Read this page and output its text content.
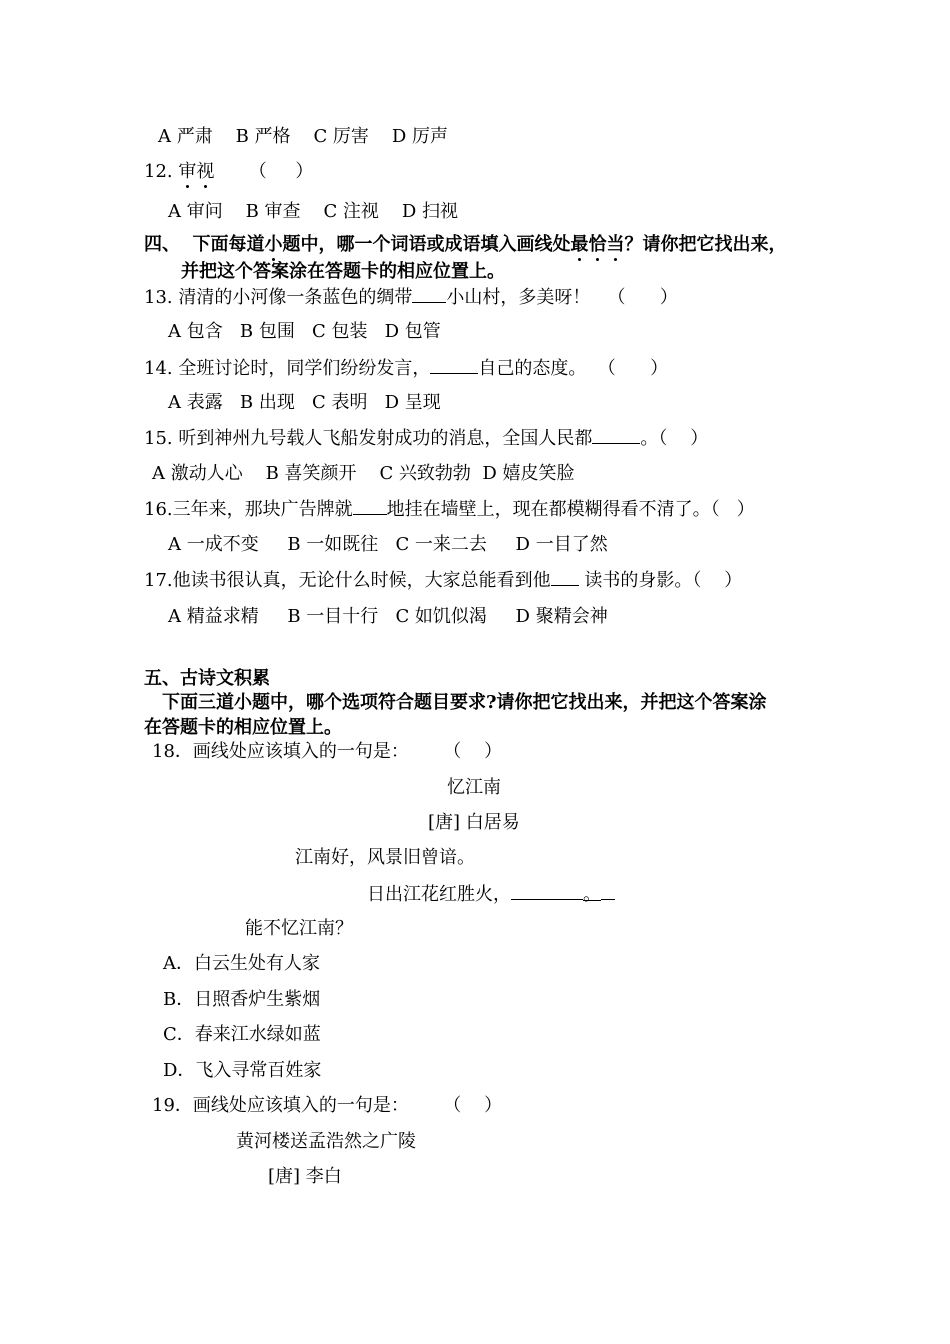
A 严肃    B 严格    C 厉害    D 厉声
12. 审视 （     ）
A 审问    B 审查    C 注视    D 扫视
四、 下面每道小题中，哪一个词语或成语填入画线处最恰当？请你把它找出来，
并把这个答案涂在答题卡的相应位置上。
13. 清清的小河像一条蓝色的绸带 小山村，多美呀！   （      ）
A 包含   B 包围   C 包装   D 包管
14. 全班讨论时，同学们纷纷发言，	自己的态度。  （      ）
A 表露   B 出现   C 表明   D 呈现
15. 听到神州九号载人飞船发射成功的消息，全国人民都	。（    ）
A 激动人心    B 喜笑颜开    C 兴致勃勃  D 嬉皮笑脸
16.三年来，那块广告牌就 地挂在墙壁上，现在都模糊得看不清了。（   ）
A 一成不变     B 一如既往   C 一来二去     D 一目了然
17.他读书很认真，无论什么时候，大家总能看到他 读书的身影。（    ）
A 精益求精     B 一目十行   C 如饥似渴     D 聚精会神
五、古诗文积累
下面三道小题中，哪个选项符合题目要求?请你把它找出来，并把这个答案涂
在答题卡的相应位置上。
18．画线处应该填入的一句是：      （    ）
忆江南
[唐] 白居易
江南好，风景旧曾谙。
日出江花红胜火，	。
能不忆江南？
A．白云生处有人家
B．日照香炉生紫烟
C．春来江水绿如蓝
D．飞入寻常百姓家
19．画线处应该填入的一句是：      （    ）
黄河楼送孟浩然之广陵
[唐] 李白
